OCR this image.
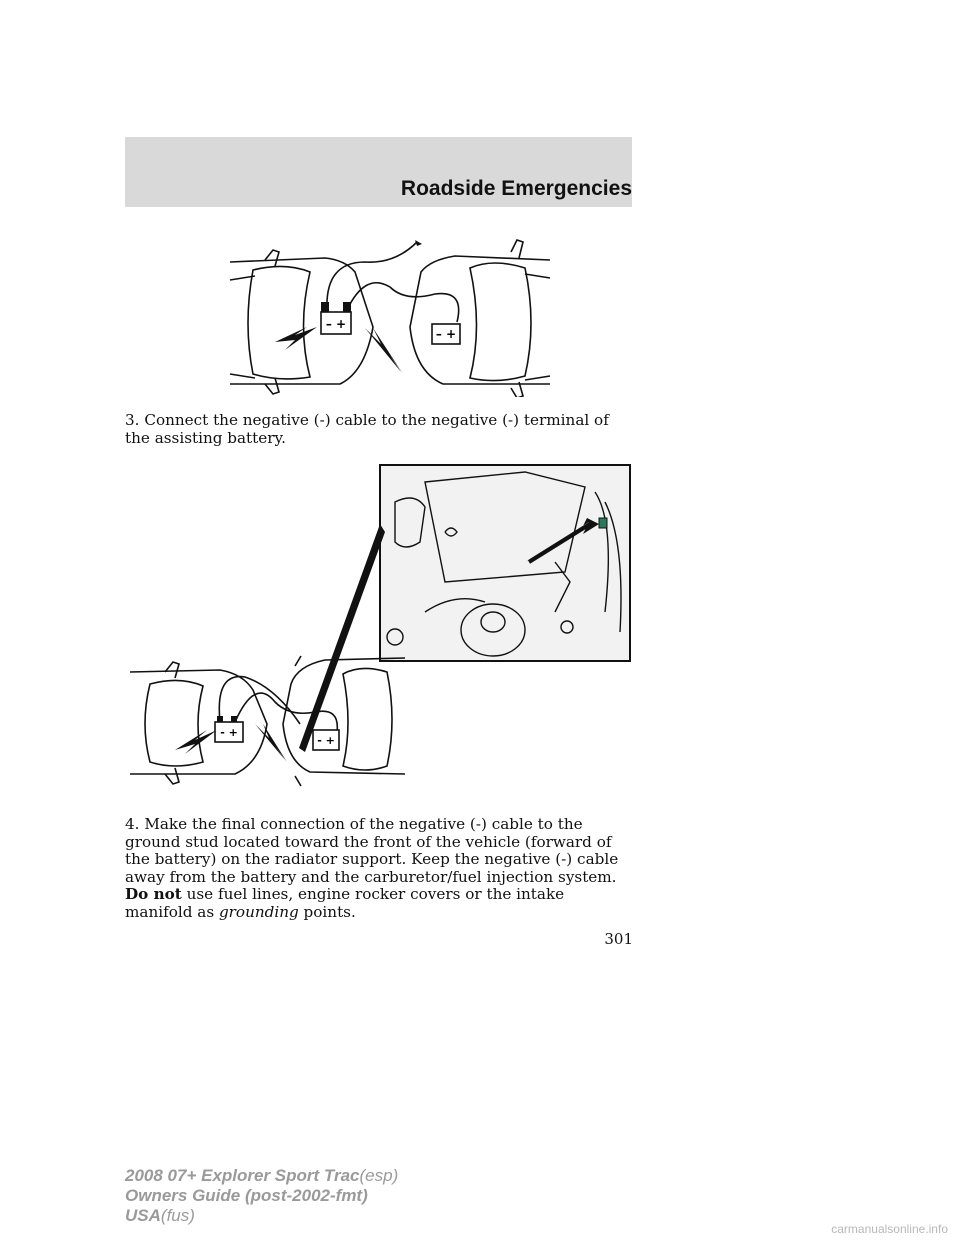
Roadside Emergencies
– +
– +

3. Connect the negative (-) cable to the negative (-) terminal of the assisting battery.

- +
- +

4. Make the final connection of the negative (-) cable to the ground stud located toward the front of the vehicle (forward of the battery) on the radiator support. Keep the negative (-) cable away from the battery and the carburetor/fuel injection system. Do not use fuel lines, engine rocker covers or the intake manifold as grounding points.

301
2008 07+ Explorer Sport Trac(esp)
Owners Guide (post-2002-fmt)
USA(fus)
carmanualsonline.info
